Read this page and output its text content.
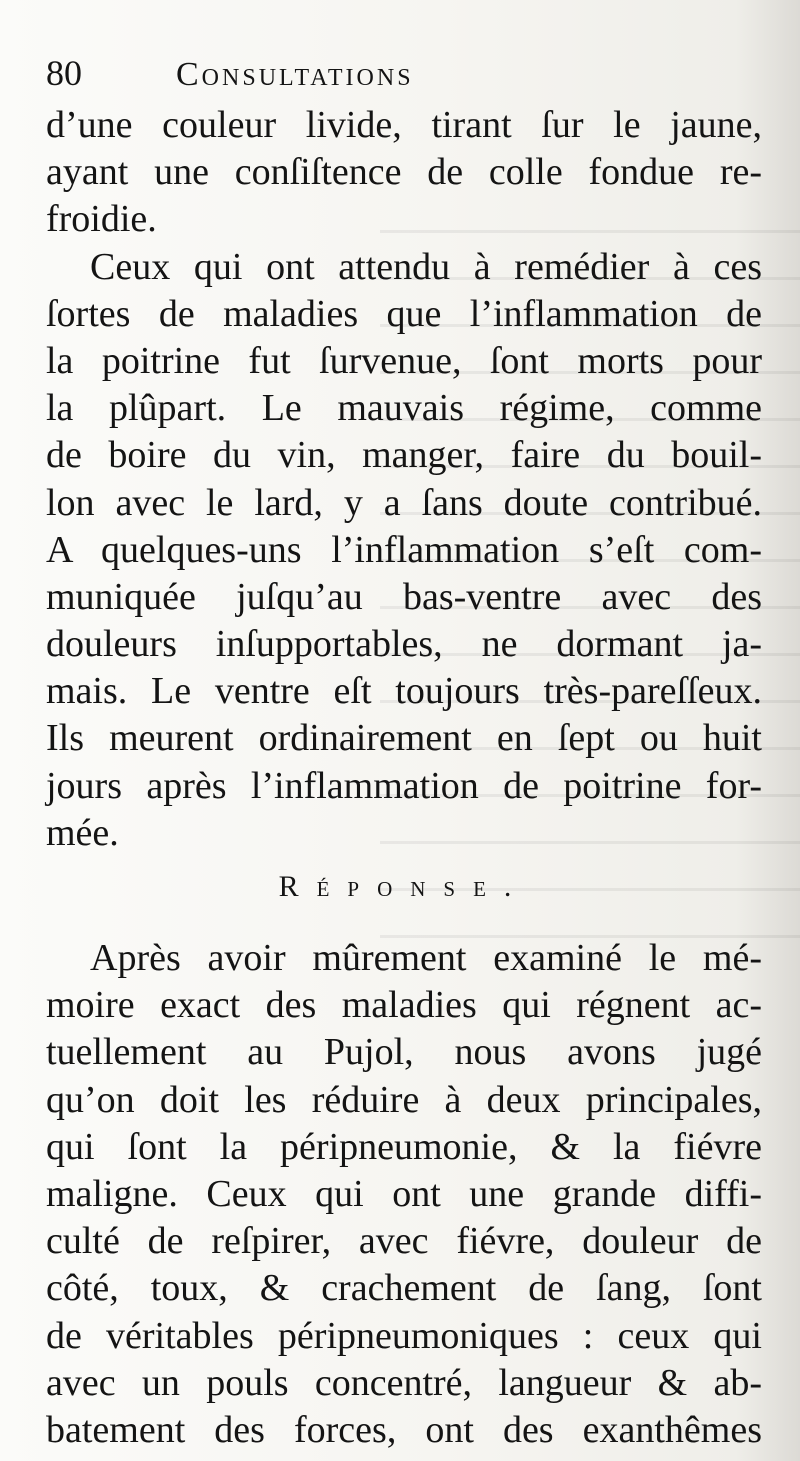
80	Consultations
d’une couleur livide, tirant ſur le jaune,
ayant une conſiſtence de colle fondue re-
froidie.
Ceux qui ont attendu à remédier à ces
ſortes de maladies que l’inflammation de
la poitrine fut ſurvenue, ſont morts pour
la plûpart. Le mauvais régime, comme
de boire du vin, manger, faire du bouil-
lon avec le lard, y a ſans doute contribué.
A quelques-uns l’inflammation s’eſt com-
muniquée juſqu’au bas-ventre avec des
douleurs inſupportables, ne dormant ja-
mais. Le ventre eſt toujours très-pareſſeux.
Ils meurent ordinairement en ſept ou huit
jours après l’inflammation de poitrine for-
mée.
Réponse.
Après avoir mûrement examiné le mé-
moire exact des maladies qui régnent ac-
tuellement au Pujol, nous avons jugé
qu’on doit les réduire à deux principales,
qui ſont la péripneumonie, & la fiévre
maligne. Ceux qui ont une grande diffi-
culté de reſpirer, avec fiévre, douleur de
côté, toux, & crachement de ſang, ſont
de véritables péripneumoniques : ceux qui
avec un pouls concentré, langueur & ab-
batement des forces, ont des exanthêmes
